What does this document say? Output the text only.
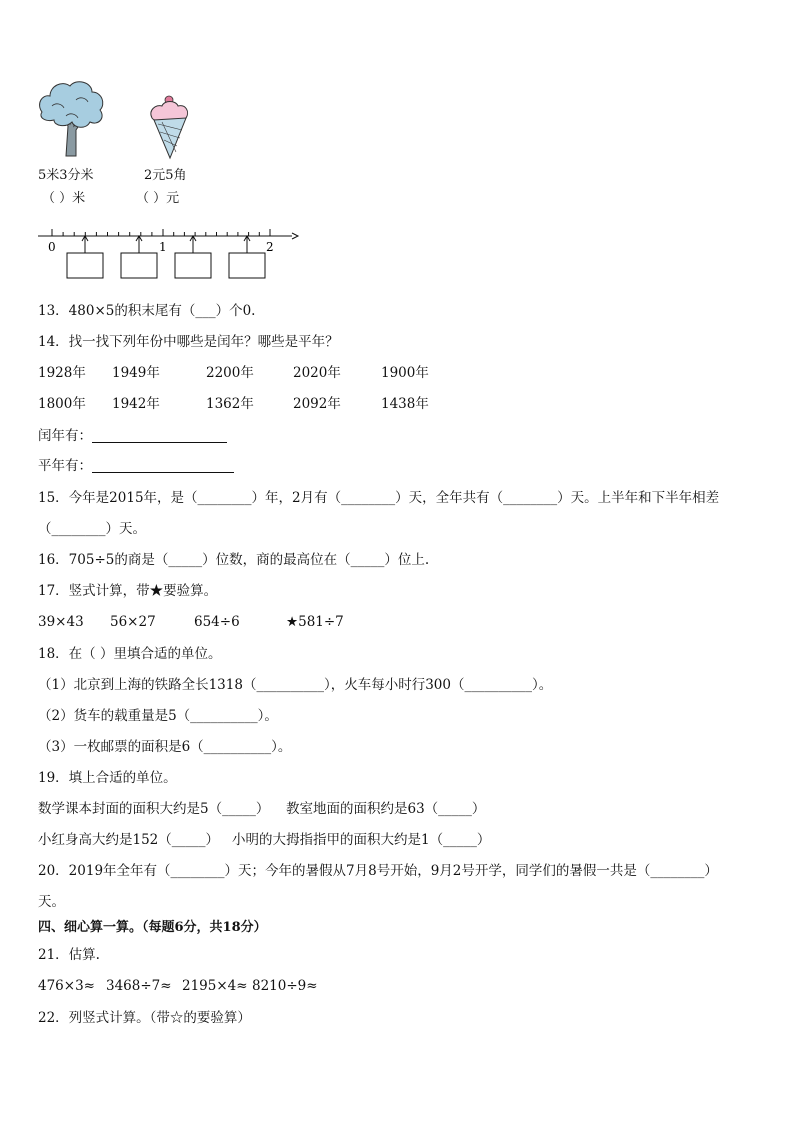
5米3分米	2元5角
（ ）米	（ ）元
0	1	2
13．480×5的积末尾有（___）个0.
14．找一找下列年份中哪些是闰年？哪些是平年？
1928年 1949年	2200年	2020年	1900年
1800年 1942年	1362年	2092年	1438年
闰年有：
平年有：
15．今年是2015年，是（________）年，2月有（________）天，全年共有（________）天。上半年和下半年相差
（________）天。
16．705÷5的商是（_____）位数，商的最高位在（_____）位上.
17．竖式计算，带★要验算。
39×43 56×27	654÷6	★581÷7
18．在（ ）里填合适的单位。
（1）北京到上海的铁路全长1318（__________），火车每小时行300（__________）。
（2）货车的载重量是5（__________）。
（3）一枚邮票的面积是6（__________）。
19．填上合适的单位。
数学课本封面的面积大约是5（_____） 教室地面的面积约是63（_____）
小红身高大约是152（_____） 小明的大拇指指甲的面积大约是1（_____）
20．2019年全年有（________）天；今年的暑假从7月8号开始，9月2号开学，同学们的暑假一共是（________）
天。
四、细心算一算。（每题6分，共18分）
21．估算.
476×3≈ 3468÷7≈ 2195×4≈ 8210÷9≈
22．列竖式计算。（带☆的要验算）
